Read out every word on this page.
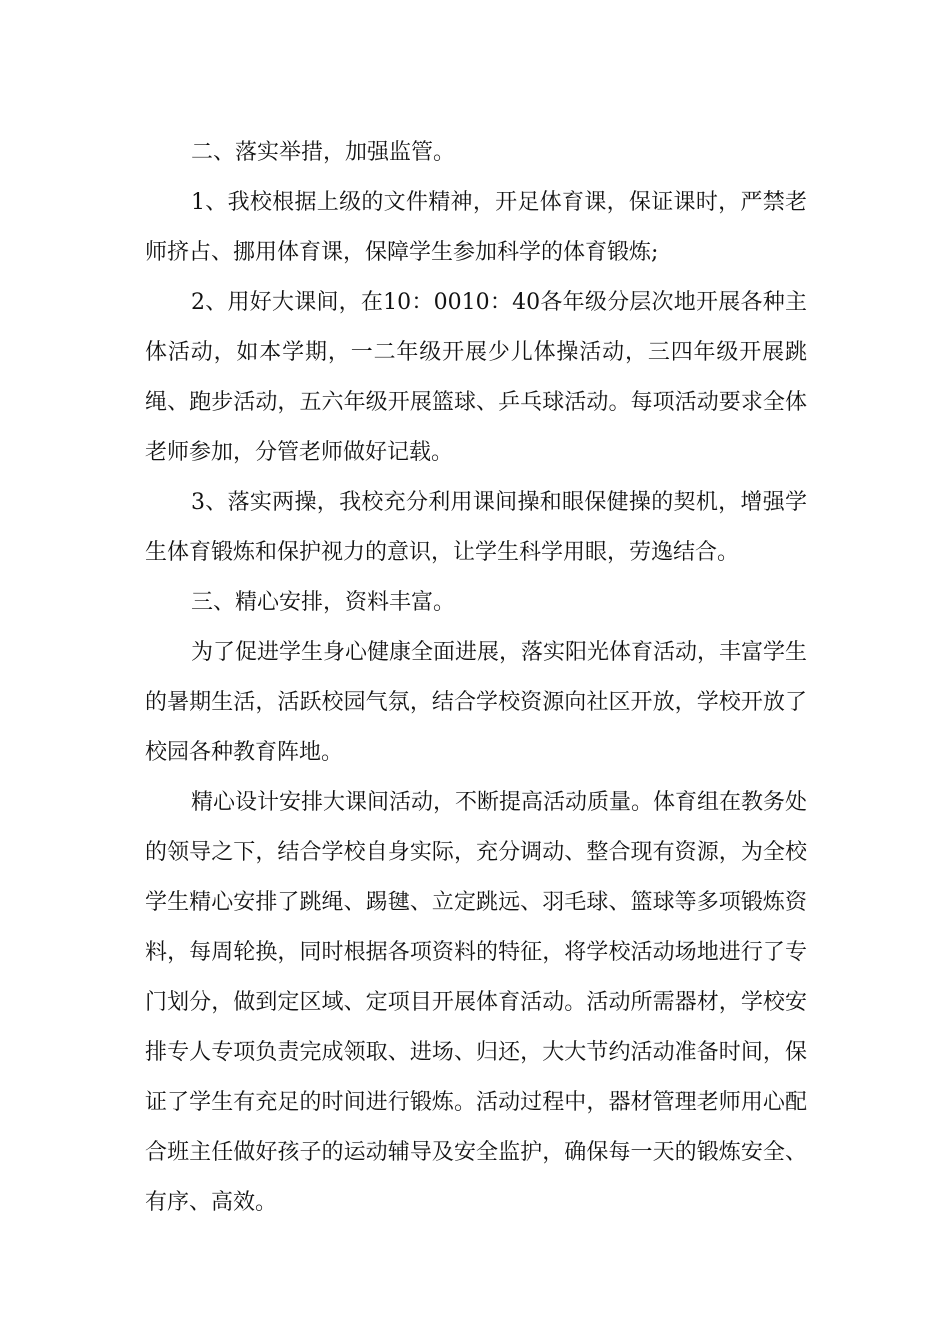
二、落实举措，加强监管。

1、我校根据上级的文件精神，开足体育课，保证课时，严禁老师挤占、挪用体育课，保障学生参加科学的体育锻炼;

2、用好大课间，在10：0010：40各年级分层次地开展各种主体活动，如本学期，一二年级开展少儿体操活动，三四年级开展跳绳、跑步活动，五六年级开展篮球、乒乓球活动。每项活动要求全体老师参加，分管老师做好记载。

3、落实两操，我校充分利用课间操和眼保健操的契机，增强学生体育锻炼和保护视力的意识，让学生科学用眼，劳逸结合。

三、精心安排，资料丰富。

为了促进学生身心健康全面进展，落实阳光体育活动，丰富学生的暑期生活，活跃校园气氛，结合学校资源向社区开放，学校开放了校园各种教育阵地。

精心设计安排大课间活动，不断提高活动质量。体育组在教务处的领导之下，结合学校自身实际，充分调动、整合现有资源，为全校学生精心安排了跳绳、踢毽、立定跳远、羽毛球、篮球等多项锻炼资料，每周轮换，同时根据各项资料的特征，将学校活动场地进行了专门划分，做到定区域、定项目开展体育活动。活动所需器材，学校安排专人专项负责完成领取、进场、归还，大大节约活动准备时间，保证了学生有充足的时间进行锻炼。活动过程中，器材管理老师用心配合班主任做好孩子的运动辅导及安全监护，确保每一天的锻炼安全、有序、高效。
